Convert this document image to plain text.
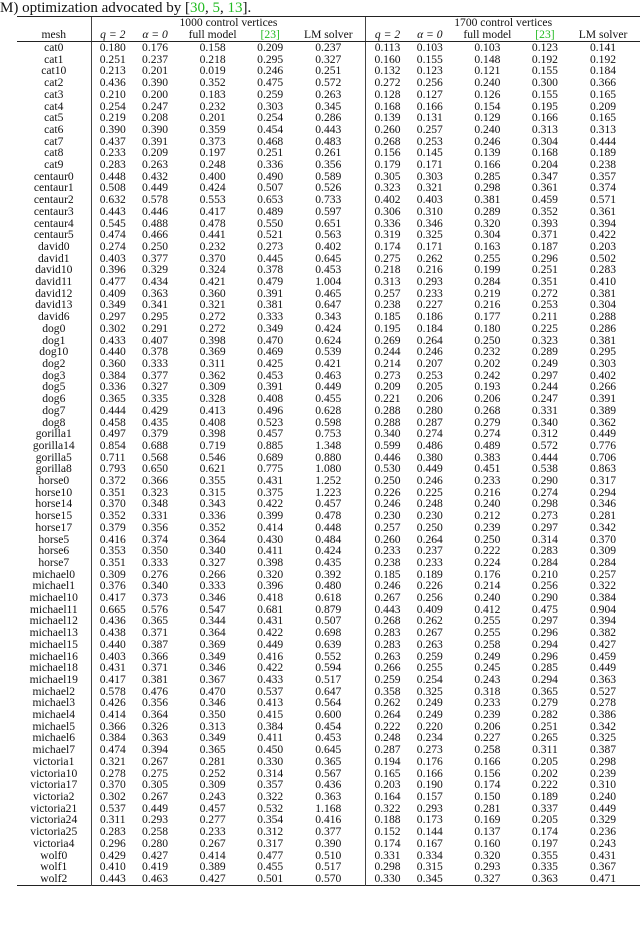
M) optimization advocated by [30, 5, 13].
	1000 control vertices					1700 control vertices				
mesh	q = 2	α = 0	full model	[23]	LM solver	q = 2	α = 0	full model	[23]	LM solver
cat0	0.180	0.176	0.158	0.209	0.237	0.113	0.103	0.103	0.123	0.141
cat1	0.251	0.237	0.218	0.295	0.327	0.160	0.155	0.148	0.192	0.192
cat10	0.213	0.201	0.019	0.246	0.251	0.132	0.123	0.121	0.155	0.184
cat2	0.436	0.390	0.352	0.475	0.572	0.272	0.256	0.240	0.300	0.366
cat3	0.210	0.200	0.183	0.259	0.263	0.128	0.127	0.126	0.155	0.165
cat4	0.254	0.247	0.232	0.303	0.345	0.168	0.166	0.154	0.195	0.209
cat5	0.219	0.208	0.201	0.254	0.286	0.139	0.131	0.129	0.166	0.165
cat6	0.390	0.390	0.359	0.454	0.443	0.260	0.257	0.240	0.313	0.313
cat7	0.437	0.391	0.373	0.468	0.483	0.268	0.253	0.246	0.304	0.444
cat8	0.233	0.209	0.197	0.251	0.261	0.156	0.145	0.139	0.168	0.189
cat9	0.283	0.263	0.248	0.336	0.356	0.179	0.171	0.166	0.204	0.238
centaur0	0.448	0.432	0.400	0.490	0.589	0.305	0.303	0.285	0.347	0.357
centaur1	0.508	0.449	0.424	0.507	0.526	0.323	0.321	0.298	0.361	0.374
centaur2	0.632	0.578	0.553	0.653	0.733	0.402	0.403	0.381	0.459	0.571
centaur3	0.443	0.446	0.417	0.489	0.597	0.306	0.310	0.289	0.352	0.361
centaur4	0.545	0.488	0.478	0.550	0.651	0.336	0.346	0.320	0.393	0.394
centaur5	0.474	0.466	0.441	0.521	0.563	0.319	0.325	0.304	0.371	0.422
david0	0.274	0.250	0.232	0.273	0.402	0.174	0.171	0.163	0.187	0.203
david1	0.403	0.377	0.370	0.445	0.645	0.275	0.262	0.255	0.296	0.502
david10	0.396	0.329	0.324	0.378	0.453	0.218	0.216	0.199	0.251	0.283
david11	0.477	0.434	0.421	0.479	1.004	0.313	0.293	0.284	0.351	0.410
david12	0.409	0.363	0.360	0.391	0.465	0.257	0.233	0.219	0.272	0.381
david13	0.349	0.341	0.321	0.381	0.647	0.238	0.227	0.216	0.253	0.304
david6	0.297	0.295	0.272	0.333	0.343	0.185	0.186	0.177	0.211	0.288
dog0	0.302	0.291	0.272	0.349	0.424	0.195	0.184	0.180	0.225	0.286
dog1	0.433	0.407	0.398	0.470	0.624	0.269	0.264	0.250	0.323	0.381
dog10	0.440	0.378	0.369	0.469	0.539	0.244	0.246	0.232	0.289	0.295
dog2	0.360	0.333	0.311	0.425	0.421	0.214	0.207	0.202	0.249	0.303
dog3	0.384	0.377	0.362	0.453	0.463	0.273	0.253	0.242	0.297	0.402
dog5	0.336	0.327	0.309	0.391	0.449	0.209	0.205	0.193	0.244	0.266
dog6	0.365	0.335	0.328	0.408	0.455	0.221	0.206	0.206	0.247	0.391
dog7	0.444	0.429	0.413	0.496	0.628	0.288	0.280	0.268	0.331	0.389
dog8	0.458	0.435	0.408	0.523	0.598	0.288	0.287	0.279	0.340	0.362
gorilla1	0.497	0.379	0.398	0.457	0.753	0.340	0.274	0.274	0.312	0.449
gorilla14	0.854	0.688	0.719	0.885	1.348	0.599	0.486	0.489	0.572	0.776
gorilla5	0.711	0.568	0.546	0.689	0.880	0.446	0.380	0.383	0.444	0.706
gorilla8	0.793	0.650	0.621	0.775	1.080	0.530	0.449	0.451	0.538	0.863
horse0	0.372	0.366	0.355	0.431	1.252	0.250	0.246	0.233	0.290	0.317
horse10	0.351	0.323	0.315	0.375	1.223	0.226	0.225	0.216	0.274	0.294
horse14	0.370	0.348	0.343	0.422	0.457	0.246	0.248	0.240	0.298	0.346
horse15	0.352	0.331	0.336	0.399	0.478	0.230	0.230	0.212	0.273	0.281
horse17	0.379	0.356	0.352	0.414	0.448	0.257	0.250	0.239	0.297	0.342
horse5	0.416	0.374	0.364	0.430	0.484	0.260	0.264	0.250	0.314	0.370
horse6	0.353	0.350	0.340	0.411	0.424	0.233	0.237	0.222	0.283	0.309
horse7	0.351	0.333	0.327	0.398	0.435	0.238	0.233	0.224	0.284	0.284
michael0	0.309	0.276	0.266	0.320	0.392	0.185	0.189	0.176	0.210	0.257
michael1	0.376	0.340	0.333	0.396	0.480	0.246	0.226	0.214	0.256	0.322
michael10	0.417	0.373	0.346	0.418	0.618	0.267	0.256	0.240	0.290	0.384
michael11	0.665	0.576	0.547	0.681	0.879	0.443	0.409	0.412	0.475	0.904
michael12	0.436	0.365	0.344	0.431	0.507	0.268	0.262	0.255	0.297	0.394
michael13	0.438	0.371	0.364	0.422	0.698	0.283	0.267	0.255	0.296	0.382
michael15	0.440	0.387	0.369	0.449	0.639	0.283	0.263	0.258	0.294	0.427
michael16	0.403	0.366	0.349	0.416	0.552	0.263	0.259	0.249	0.296	0.459
michael18	0.431	0.371	0.346	0.422	0.594	0.266	0.255	0.245	0.285	0.449
michael19	0.417	0.381	0.367	0.433	0.517	0.259	0.254	0.243	0.294	0.363
michael2	0.578	0.476	0.470	0.537	0.647	0.358	0.325	0.318	0.365	0.527
michael3	0.426	0.356	0.346	0.413	0.564	0.262	0.249	0.233	0.279	0.278
michael4	0.414	0.364	0.350	0.415	0.600	0.264	0.249	0.239	0.282	0.386
michael5	0.366	0.326	0.313	0.384	0.454	0.222	0.220	0.206	0.251	0.342
michael6	0.384	0.363	0.349	0.411	0.453	0.248	0.234	0.227	0.265	0.325
michael7	0.474	0.394	0.365	0.450	0.645	0.287	0.273	0.258	0.311	0.387
victoria1	0.321	0.267	0.281	0.330	0.365	0.194	0.176	0.166	0.205	0.298
victoria10	0.278	0.275	0.252	0.314	0.567	0.165	0.166	0.156	0.202	0.239
victoria17	0.370	0.305	0.309	0.357	0.436	0.203	0.190	0.174	0.222	0.310
victoria2	0.302	0.267	0.243	0.322	0.363	0.164	0.157	0.150	0.189	0.240
victoria21	0.537	0.449	0.457	0.532	1.168	0.322	0.293	0.281	0.337	0.449
victoria24	0.311	0.293	0.277	0.354	0.416	0.188	0.173	0.169	0.205	0.329
victoria25	0.283	0.258	0.233	0.312	0.377	0.152	0.144	0.137	0.174	0.236
victoria4	0.296	0.280	0.267	0.317	0.390	0.174	0.167	0.160	0.197	0.243
wolf0	0.429	0.427	0.414	0.477	0.510	0.331	0.334	0.320	0.355	0.431
wolf1	0.410	0.419	0.389	0.455	0.517	0.298	0.315	0.293	0.335	0.367
wolf2	0.443	0.463	0.427	0.501	0.570	0.330	0.345	0.327	0.363	0.471
